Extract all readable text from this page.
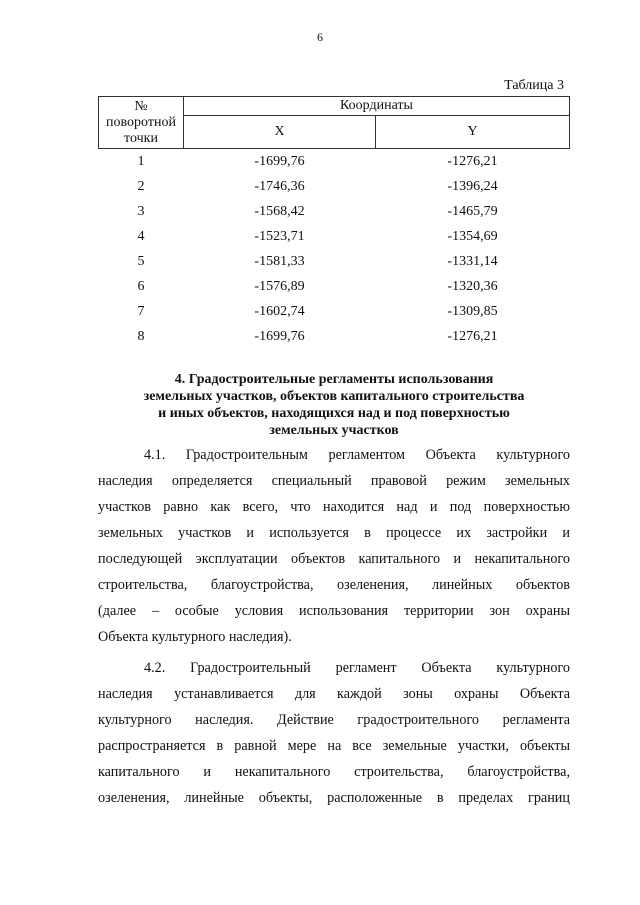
6
Таблица 3
№ поворотной точки	Координаты	
	X	Y
1	-1699,76	-1276,21
2	-1746,36	-1396,24
3	-1568,42	-1465,79
4	-1523,71	-1354,69
5	-1581,33	-1331,14
6	-1576,89	-1320,36
7	-1602,74	-1309,85
8	-1699,76	-1276,21
4. Градостроительные регламенты использования
земельных участков, объектов капитального строительства
и иных объектов, находящихся над и под поверхностью
земельных участков
4.1. Градостроительным регламентом Объекта культурного
наследия определяется специальный правовой режим земельных
участков равно как всего, что находится над и под поверхностью
земельных участков и используется в процессе их застройки и
последующей эксплуатации объектов капитального и некапитального
строительства, благоустройства, озеленения, линейных объектов
(далее – особые условия использования территории зон охраны
Объекта культурного наследия).
4.2. Градостроительный регламент Объекта культурного
наследия устанавливается для каждой зоны охраны Объекта
культурного наследия. Действие градостроительного регламента
распространяется в равной мере на все земельные участки, объекты
капитального и некапитального строительства, благоустройства,
озеленения, линейные объекты, расположенные в пределах границ
